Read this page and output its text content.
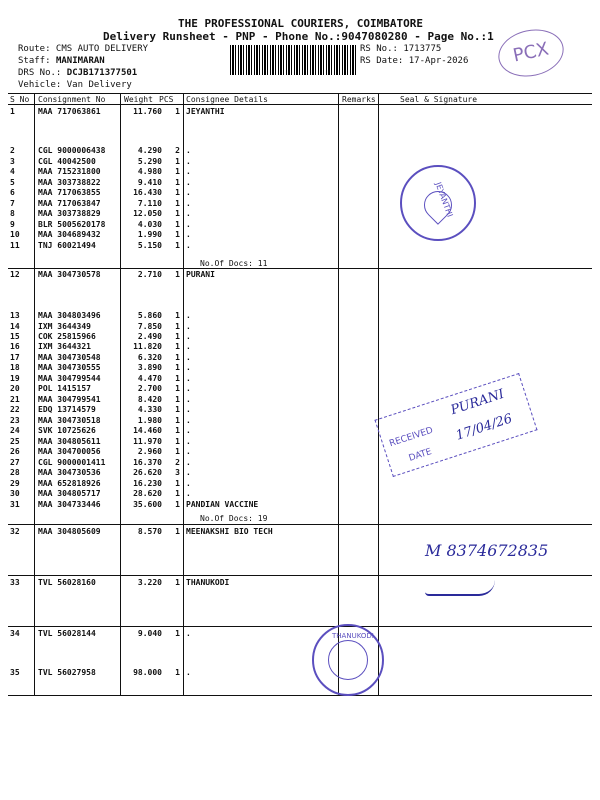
THE PROFESSIONAL COURIERS, COIMBATORE
Delivery Runsheet - PNP - Phone No.:9047080280 - Page No.:1
Route: CMS AUTO DELIVERY
Staff: MANIMARAN
DRS No.: DCJB171377501
Vehicle: Van Delivery
RS No.: 1713775
RS Date: 17-Apr-2026	PCX
S No Consignment No Weight PCS Consignee Details	Remarks	Seal & Signature
1	MAA 717063861	11.760	1 JEYANTHI
2	CGL 9000006438	4.290	2 .
3	CGL 40042500	5.290	1 .
4	MAA 715231800	4.980	1 .
5	MAA 303738822	9.410	1 .
6	MAA 717063855	16.430	1 .
7	MAA 717063847	7.110	1 .
8	MAA 303738829	12.050	1 .
9	BLR 5005620178	4.030	1 .
10 MAA 304689432	1.990	1 .
11 TNJ 60021494	5.150	1 .
12 MAA 304730578	2.710	1 PURANI
13 MAA 304803496	5.860	1 .
14 IXM 3644349	7.850	1 .
15 COK 25815966	2.490	1 .
16 IXM 3644321	11.820	1 .
17 MAA 304730548	6.320	1 .
18 MAA 304730555	3.890	1 .
19 MAA 304799544	4.470	1 .
20 POL 1415157	2.700	1 .
21 MAA 304799541	8.420	1 .
22 EDQ 13714579	4.330	1 .
23 MAA 304730518	1.980	1 .
24 SVK 10725626	14.460	1 .
25 MAA 304805611	11.970	1 .
26 MAA 304700056	2.960	1 .
27 CGL 9000001411	16.370	2 .
28 MAA 304730536	26.620	3 .
29 MAA 652818926	16.230	1 .
30 MAA 304805717	28.620	1 .
31 MAA 304733446	35.600	1 PANDIAN VACCINE
32 MAA 304805609	8.570	1 MEENAKSHI BIO TECH
33 TVL 56028160	3.220	1 THANUKODI
34 TVL 56028144	9.040	1 .
35 TVL 56027958	98.000	1 .
No.Of Docs: 11
No.Of Docs: 19
JEYANTHI
RECEIVED
DATE
PURANI
17/04/26
M 8374672835
THANUKODI
